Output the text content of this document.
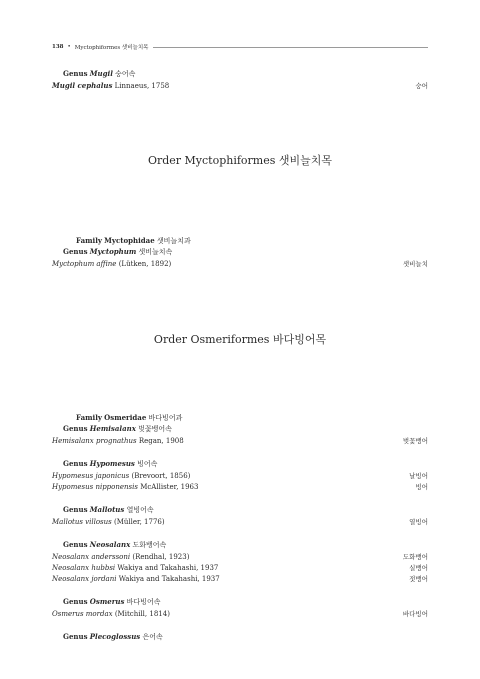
138 • Myctophiformes 샛비늘치목
Genus Mugil 숭어속
Mugil cephalus Linnaeus, 1758	숭어
Order Myctophiformes 샛비늘치목
Family Myctophidae 샛비늘치과
Genus Myctophum 샛비늘치속
Myctophum affine (Lütken, 1892)	샛비늘치
Order Osmeriformes 바다빙어목
Family Osmeridae 바다빙어과
Genus Hemisalanx 벚꽃뱅어속
Hemisalanx prognathus Regan, 1908	벚꽃뱅어
Genus Hypomesus 빙어속
Hypomesus japonicus (Brevoort, 1856)	날빙어
Hypomesus nipponensis McAllister, 1963	빙어
Genus Mallotus 열빙어속
Mallotus villosus (Müller, 1776)	열빙어
Genus Neosalanx 도화뱅어속
Neosalanx anderssoni (Rendhal, 1923)	도화뱅어
Neosalanx hubbsi Wakiya and Takahashi, 1937	실뱅어
Neosalanx jordani Wakiya and Takahashi, 1937	젓뱅어
Genus Osmerus 바다빙어속
Osmerus mordax (Mitchill, 1814)	바다빙어
Genus Plecoglossus 은어속
